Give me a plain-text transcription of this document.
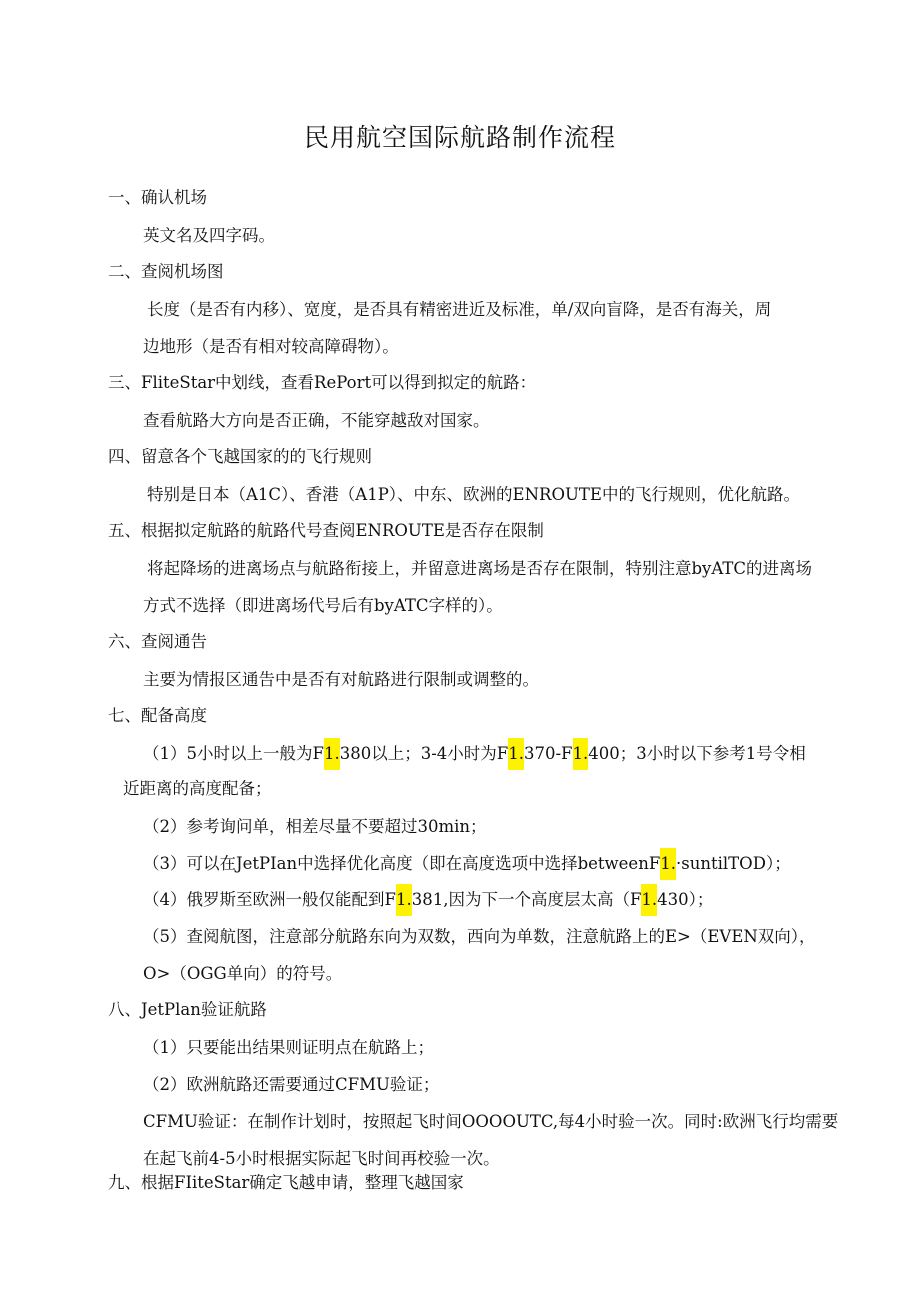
民用航空国际航路制作流程
一、确认机场
英文名及四字码。
二、查阅机场图
长度（是否有内移）、宽度，是否具有精密进近及标准，单/双向盲降，是否有海关，周
边地形（是否有相对较高障碍物）。
三、FliteStar中划线，查看RePort可以得到拟定的航路：
查看航路大方向是否正确，不能穿越敌对国家。
四、留意各个飞越国家的的飞行规则
特别是日本（A1C）、香港（A1P）、中东、欧洲的ENROUTE中的飞行规则，优化航路。
五、根据拟定航路的航路代号查阅ENROUTE是否存在限制
将起降场的进离场点与航路衔接上，并留意进离场是否存在限制，特别注意byATC的进离场
方式不选择（即进离场代号后有byATC字样的）。
六、查阅通告
主要为情报区通告中是否有对航路进行限制或调整的。
七、配备高度
（1）5小时以上一般为F1.380以上；3-4小时为F1.370-F1.400；3小时以下参考1号令相
近距离的高度配备；
（2）参考询问单，相差尽量不要超过30min；
（3）可以在JetPIan中选择优化高度（即在高度选项中选择betweenF1.·suntilTOD）；
（4）俄罗斯至欧洲一般仅能配到F1.381,因为下一个高度层太高（F1.430）；
（5）查阅航图，注意部分航路东向为双数，西向为单数，注意航路上的E>（EVEN双向），
O>（OGG单向）的符号。
八、JetPlan验证航路
（1）只要能出结果则证明点在航路上；
（2）欧洲航路还需要通过CFMU验证；
CFMU验证：在制作计划时，按照起飞时间OOOOUTC,每4小时验一次。同时:欧洲飞行均需要
在起飞前4-5小时根据实际起飞时间再校验一次。
九、根据FIiteStar确定飞越申请，整理飞越国家
